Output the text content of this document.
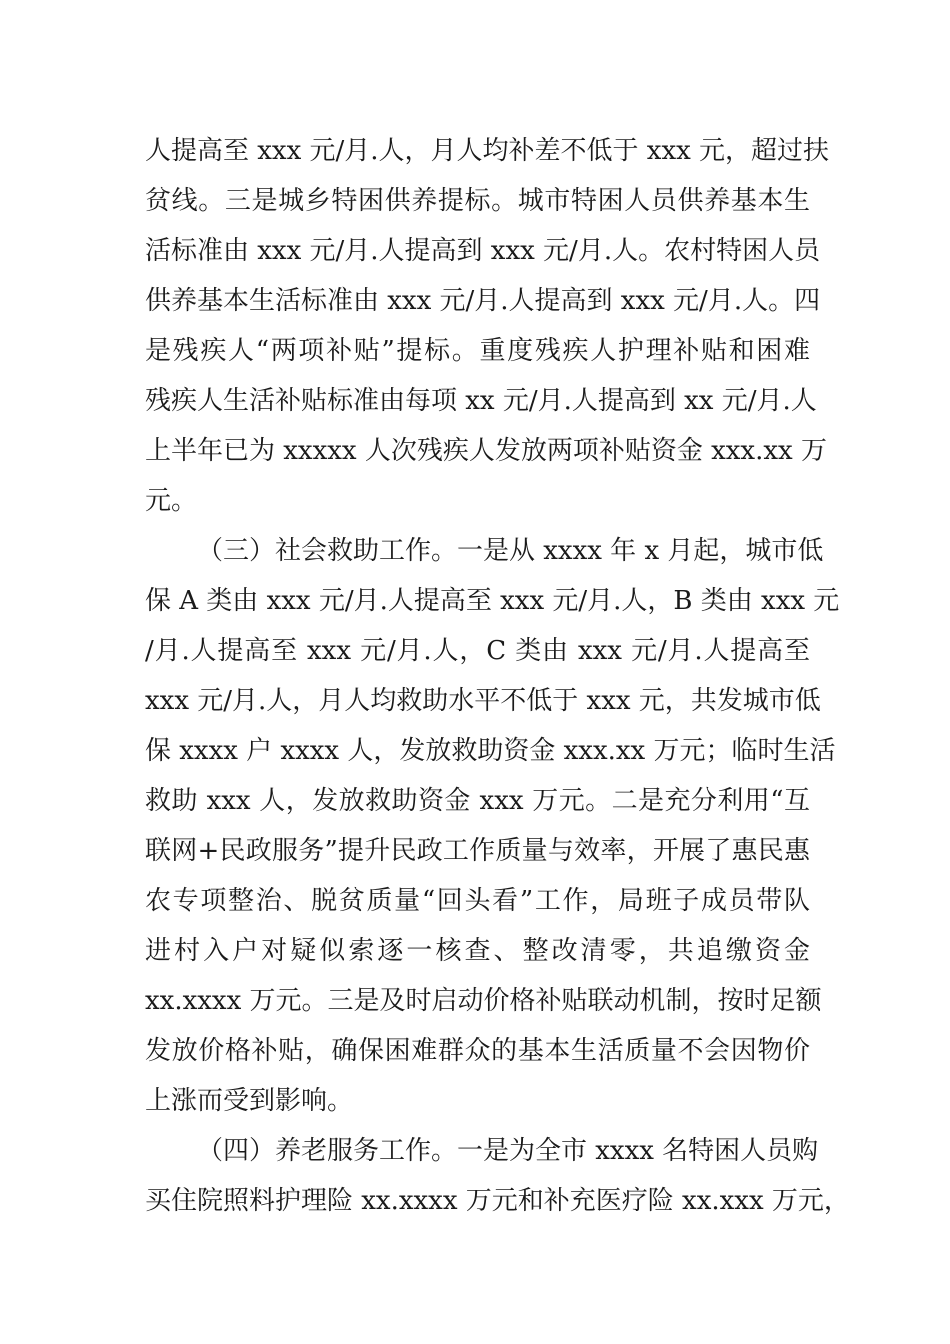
人提高至 xxx 元/月.人，月人均补差不低于 xxx 元，超过扶
贫线。三是城乡特困供养提标。城市特困人员供养基本生
活标准由 xxx 元/月.人提高到 xxx 元/月.人。农村特困人员
供养基本生活标准由 xxx 元/月.人提高到 xxx 元/月.人。四
是残疾人“两项补贴”提标。重度残疾人护理补贴和困难
残疾人生活补贴标准由每项 xx 元/月.人提高到 xx 元/月.人
上半年已为 xxxxx 人次残疾人发放两项补贴资金 xxx.xx 万
元。
（三）社会救助工作。一是从 xxxx 年 x 月起，城市低
保 A 类由 xxx 元/月.人提高至 xxx 元/月.人，B 类由 xxx 元
/月.人提高至 xxx 元/月.人，C 类由 xxx 元/月.人提高至
xxx 元/月.人，月人均救助水平不低于 xxx 元，共发城市低
保 xxxx 户 xxxx 人，发放救助资金 xxx.xx 万元；临时生活
救助 xxx 人，发放救助资金 xxx 万元。二是充分利用“互
联网+民政服务”提升民政工作质量与效率，开展了惠民惠
农专项整治、脱贫质量“回头看”工作，局班子成员带队
进村入户对疑似索逐一核查、整改清零，共追缴资金
xx.xxxx 万元。三是及时启动价格补贴联动机制，按时足额
发放价格补贴，确保困难群众的基本生活质量不会因物价
上涨而受到影响。
（四）养老服务工作。一是为全市 xxxx 名特困人员购
买住院照料护理险 xx.xxxx 万元和补充医疗险 xx.xxx 万元，
